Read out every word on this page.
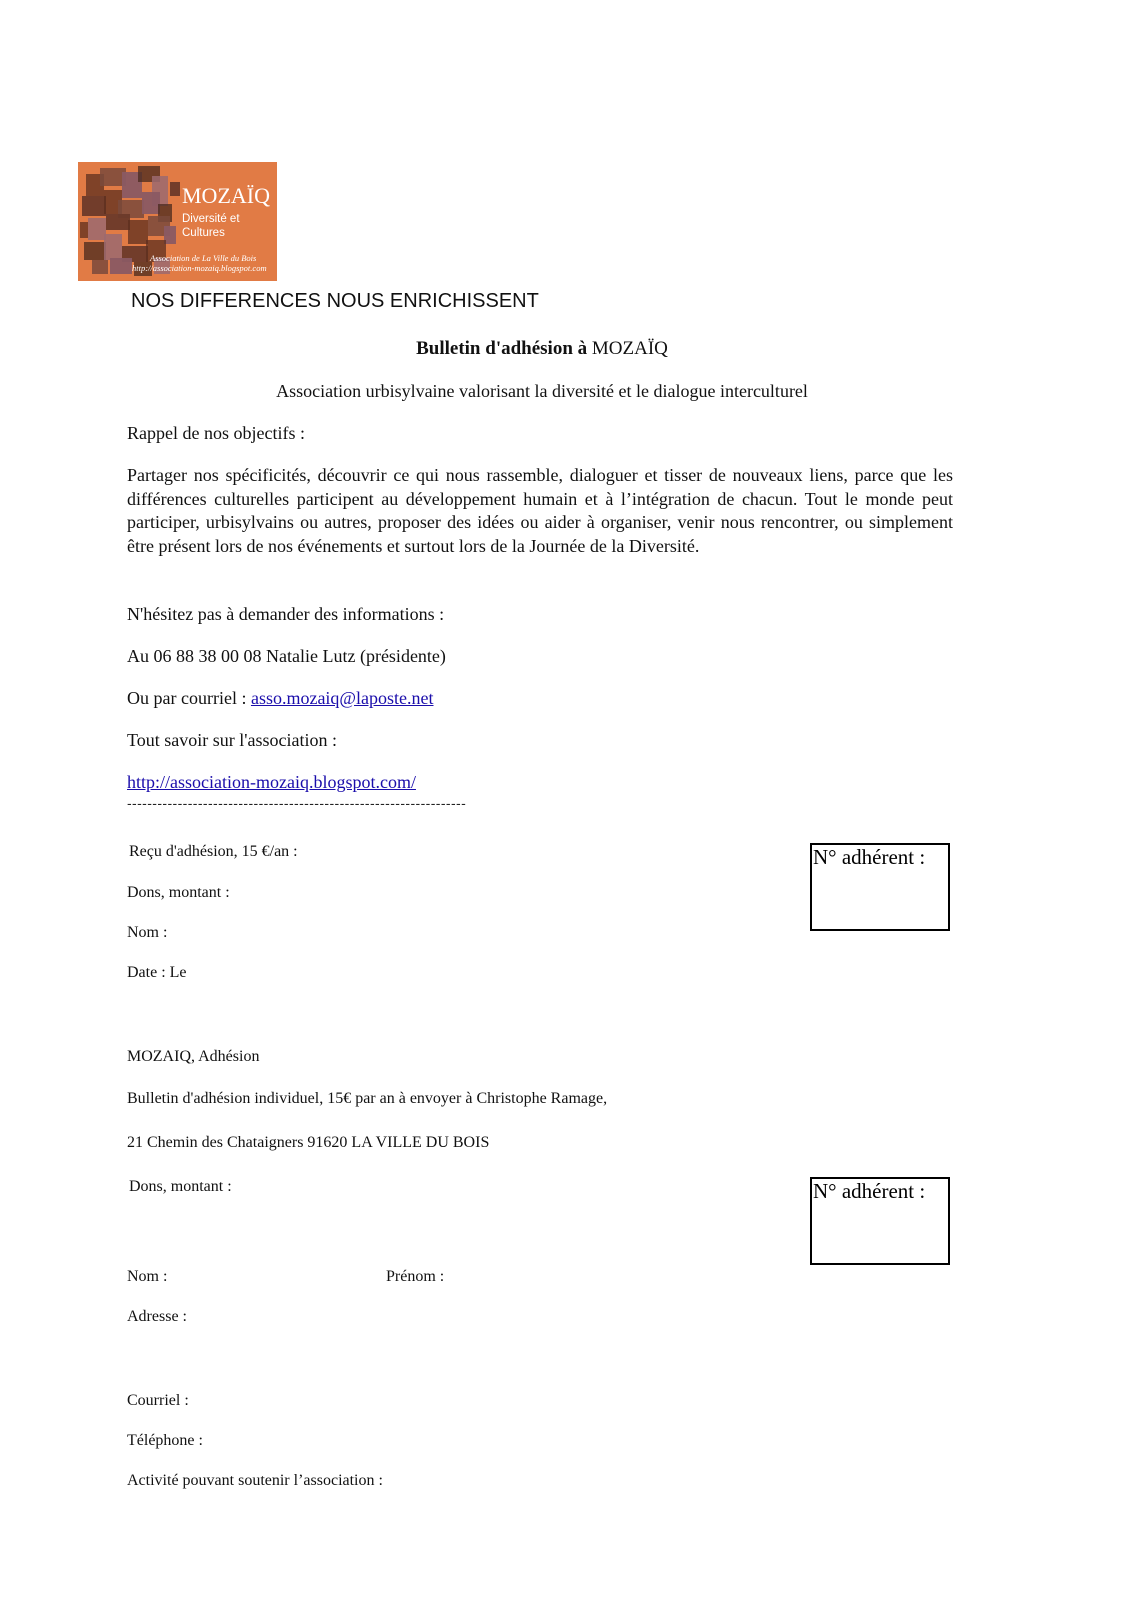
MOZAÏQ
Diversité et Cultures
Association de La Ville du Bois
http://association-mozaiq.blogspot.com
NOS DIFFERENCES NOUS ENRICHISSENT
Bulletin d'adhésion à MOZAÏQ
Association urbisylvaine valorisant la diversité et le dialogue interculturel
Rappel de nos objectifs :
Partager nos spécificités, découvrir ce qui nous rassemble, dialoguer et tisser de nouveaux liens, parce que les différences culturelles participent au développement humain et à l’intégration de chacun. Tout le monde peut participer, urbisylvains ou autres, proposer des idées ou aider à organiser, venir nous rencontrer, ou simplement être présent lors de nos événements et surtout lors de la Journée de la Diversité.
N'hésitez pas à demander des informations :
Au 06 88 38 00 08 Natalie Lutz (présidente)
Ou par courriel : asso.mozaiq@laposte.net
Tout savoir sur l'association :
http://association-mozaiq.blogspot.com/
-------------------------------------------------------------------
Reçu d'adhésion, 15 €/an :
Dons, montant :
Nom :
Date : Le
N° adhérent :
MOZAIQ, Adhésion
Bulletin d'adhésion individuel, 15€ par an à envoyer à Christophe Ramage,
21 Chemin des Chataigners 91620 LA VILLE DU BOIS
Dons, montant :	N° adhérent :
Nom :	Prénom :
Adresse :
Courriel :
Téléphone :
Activité pouvant soutenir l’association :
